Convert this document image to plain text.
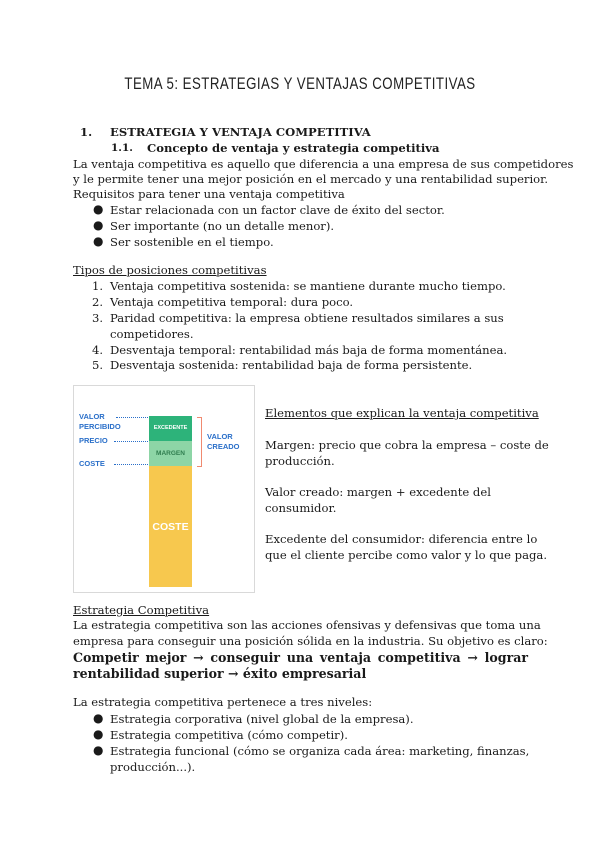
TEMA 5: ESTRATEGIAS Y VENTAJAS COMPETITIVAS
1. ESTRATEGIA Y VENTAJA COMPETITIVA
1.1. Concepto de ventaja y estrategia competitiva
La ventaja competitiva es aquello que diferencia a una empresa de sus competidores
y le permite tener una mejor posición en el mercado y una rentabilidad superior.
Requisitos para tener una ventaja competitiva
● Estar relacionada con un factor clave de éxito del sector.
● Ser importante (no un detalle menor).
● Ser sostenible en el tiempo.
Tipos de posiciones competitivas
1. Ventaja competitiva sostenida: se mantiene durante mucho tiempo.
2. Ventaja competitiva temporal: dura poco.
3. Paridad competitiva: la empresa obtiene resultados similares a sus
competidores.
4. Desventaja temporal: rentabilidad más baja de forma momentánea.
5. Desventaja sostenida: rentabilidad baja de forma persistente.
VALOR
PERCIBIDO
PRECIO
COSTE
EXCEDENTE
MARGEN
COSTE
VALOR
CREADO
Elementos que explican la ventaja competitiva
Margen: precio que cobra la empresa – coste de
producción.
Valor creado: margen + excedente del
consumidor.
Excedente del consumidor: diferencia entre lo
que el cliente percibe como valor y lo que paga.
Estrategia Competitiva
La estrategia competitiva son las acciones ofensivas y defensivas que toma una
empresa para conseguir una posición sólida en la industria. Su objetivo es claro:
Competir mejor → conseguir una ventaja competitiva → lograr
rentabilidad superior → éxito empresarial
La estrategia competitiva pertenece a tres niveles:
● Estrategia corporativa (nivel global de la empresa).
● Estrategia competitiva (cómo competir).
● Estrategia funcional (cómo se organiza cada área: marketing, finanzas,
producción...).
